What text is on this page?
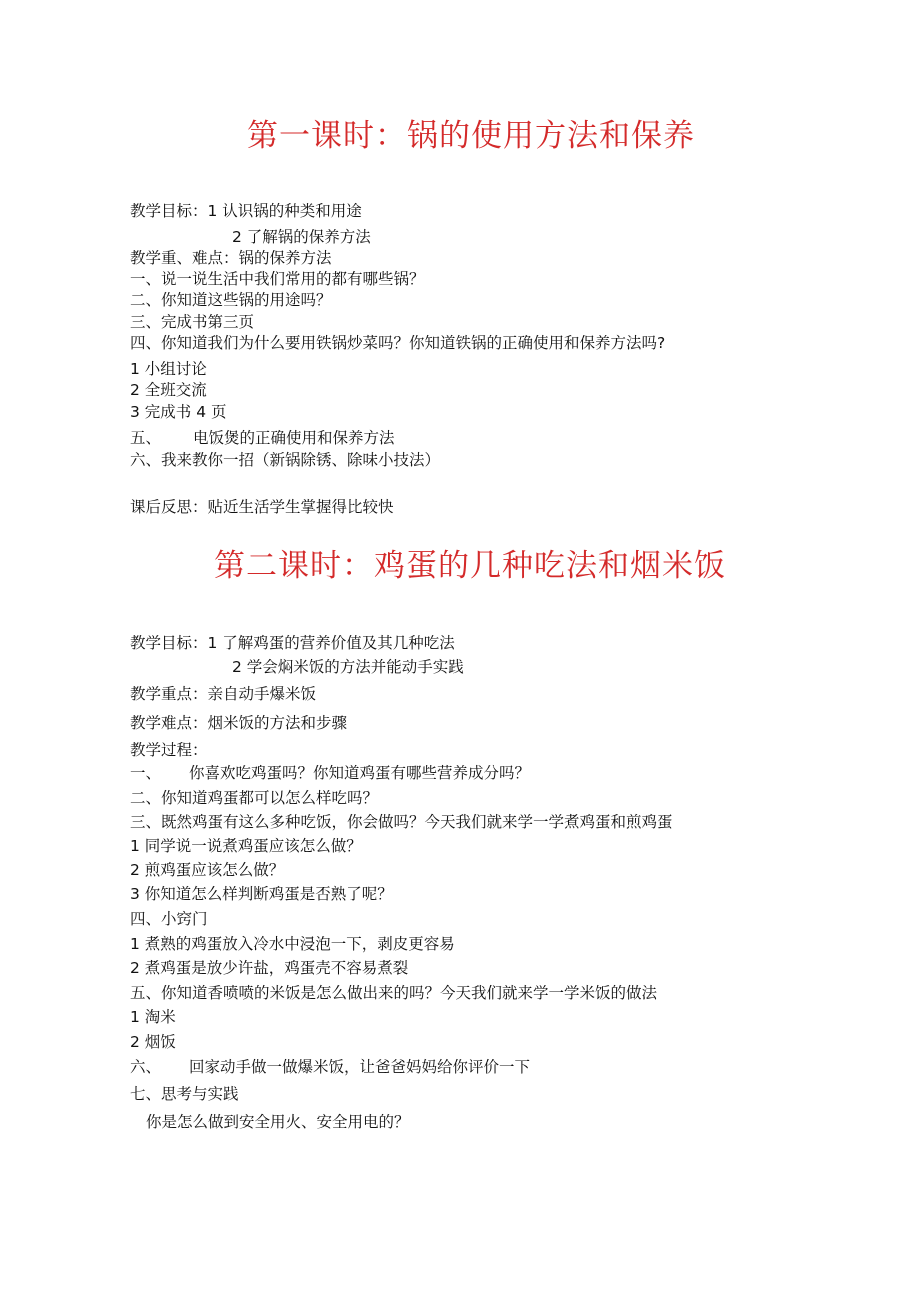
第一课时：锅的使用方法和保养
教学目标：1 认识锅的种类和用途
2 了解锅的保养方法
教学重、难点：锅的保养方法
一、说一说生活中我们常用的都有哪些锅？
二、你知道这些锅的用途吗？
三、完成书第三页
四、你知道我们为什么要用铁锅炒菜吗？你知道铁锅的正确使用和保养方法吗?
1 小组讨论
2 全班交流
3 完成书 4 页
五、 电饭煲的正确使用和保养方法
六、我来教你一招（新锅除锈、除味小技法）
课后反思：贴近生活学生掌握得比较快
第二课时：鸡蛋的几种吃法和烟米饭
教学目标：1 了解鸡蛋的营养价值及其几种吃法
2 学会焖米饭的方法并能动手实践
教学重点：亲自动手爆米饭
教学难点：烟米饭的方法和步骤
教学过程：
一、 你喜欢吃鸡蛋吗？你知道鸡蛋有哪些营养成分吗？
二、你知道鸡蛋都可以怎么样吃吗？
三、既然鸡蛋有这么多种吃饭，你会做吗？今天我们就来学一学煮鸡蛋和煎鸡蛋
1 同学说一说煮鸡蛋应该怎么做？
2 煎鸡蛋应该怎么做？
3 你知道怎么样判断鸡蛋是否熟了呢？
四、小窍门
1 煮熟的鸡蛋放入冷水中浸泡一下，剥皮更容易
2 煮鸡蛋是放少许盐，鸡蛋壳不容易煮裂
五、你知道香喷喷的米饭是怎么做出来的吗？今天我们就来学一学米饭的做法
1 淘米
2 烟饭
六、 回家动手做一做爆米饭，让爸爸妈妈给你评价一下
七、思考与实践
你是怎么做到安全用火、安全用电的？
